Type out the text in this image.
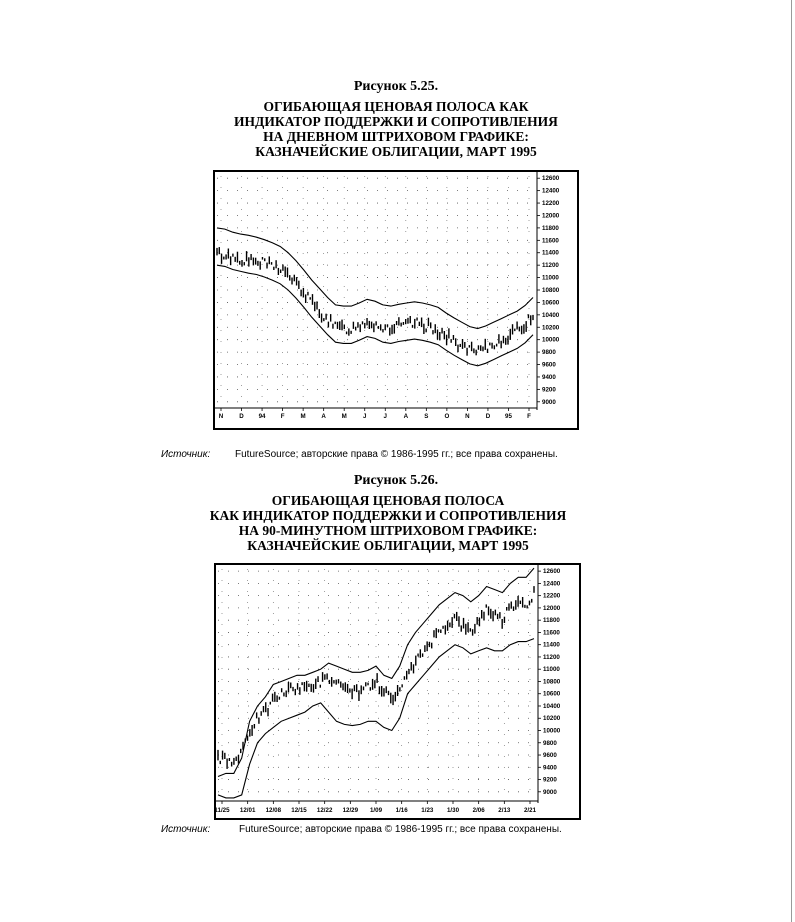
Рисунок 5.25.
ОГИБАЮЩАЯ ЦЕНОВАЯ ПОЛОСА КАК
ИНДИКАТОР ПОДДЕРЖКИ И СОПРОТИВЛЕНИЯ
НА ДНЕВНОМ ШТРИХОВОМ ГРАФИКЕ:
КАЗНАЧЕЙСКИЕ ОБЛИГАЦИИ, МАРТ 1995
12600
12400
12200
12000
11800
11600
11400
11200
11000
10800
10600
10400
10200
10000
9800
9600
9400
9200
9000
N	D 94 F	M	A	M	J	J	A	S	O	N	D 95 F
Источник: FutureSource; авторские права © 1986-1995 гг.; все права сохранены.
Рисунок 5.26.
ОГИБАЮЩАЯ ЦЕНОВАЯ ПОЛОСА
КАК ИНДИКАТОР ПОДДЕРЖКИ И СОПРОТИВЛЕНИЯ
НА 90-МИНУТНОМ ШТРИХОВОМ ГРАФИКЕ:
КАЗНАЧЕЙСКИЕ ОБЛИГАЦИИ, МАРТ 1995
12600
12400
12200
12000
11800
11600
11400
11200
11000
10800
10600
10400
10200
10000
9800
9600
9400
9200
9000
11/25 12/01 12/08 12/15 12/22 12/29 1/09 1/16 1/23 1/30 2/06 2/13 2/21
Источник:	FutureSource; авторские права © 1986-1995 гг.; все права сохранены.
